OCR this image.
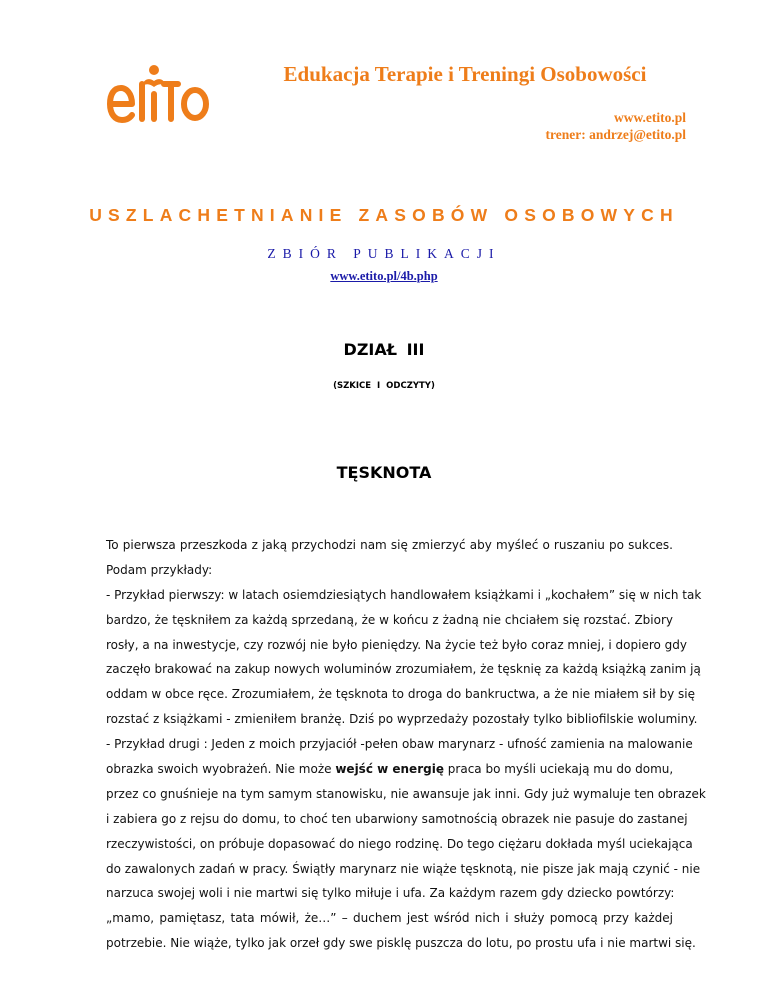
Edukacja Terapie i Treningi Osobowości
www.etito.pl
trener: andrzej@etito.pl
USZLACHETNIANIE ZASOBÓW OSOBOWYCH
ZBIÓR PUBLIKACJI
www.etito.pl/4b.php
DZIAŁ III
(SZKICE I ODCZYTY)
TĘSKNOTA
To pierwsza przeszkoda z jaką przychodzi nam się zmierzyć aby myśleć o ruszaniu po sukces.
Podam przykłady:
- Przykład pierwszy: w latach osiemdziesiątych handlowałem książkami i „kochałem” się w nich tak
bardzo, że tęskniłem za każdą sprzedaną, że w końcu z żadną nie chciałem się rozstać. Zbiory
rosły, a na inwestycje, czy rozwój nie było pieniędzy. Na życie też było coraz mniej, i dopiero gdy
zaczęło brakować na zakup nowych woluminów zrozumiałem, że tęsknię za każdą książką zanim ją
oddam w obce ręce. Zrozumiałem, że tęsknota to droga do bankructwa, a że nie miałem sił by się
rozstać z książkami - zmieniłem branżę. Dziś po wyprzedaży pozostały tylko bibliofilskie woluminy.
- Przykład drugi : Jeden z moich przyjaciół -pełen obaw marynarz - ufność zamienia na malowanie
obrazka swoich wyobrażeń. Nie może wejść w energię praca bo myśli uciekają mu do domu,
przez co gnuśnieje na tym samym stanowisku, nie awansuje jak inni. Gdy już wymaluje ten obrazek
i zabiera go z rejsu do domu, to choć ten ubarwiony samotnością obrazek nie pasuje do zastanej
rzeczywistości, on próbuje dopasować do niego rodzinę. Do tego ciężaru dokłada myśl uciekająca
do zawalonych zadań w pracy. Świątły marynarz nie wiąże tęsknotą, nie pisze jak mają czynić - nie
narzuca swojej woli i nie martwi się tylko miłuje i ufa. Za każdym razem gdy dziecko powtórzy:
„mamo, pamiętasz, tata mówił, że…” – duchem jest wśród nich i służy pomocą przy każdej
potrzebie. Nie wiąże, tylko jak orzeł gdy swe pisklę puszcza do lotu, po prostu ufa i nie martwi się.
